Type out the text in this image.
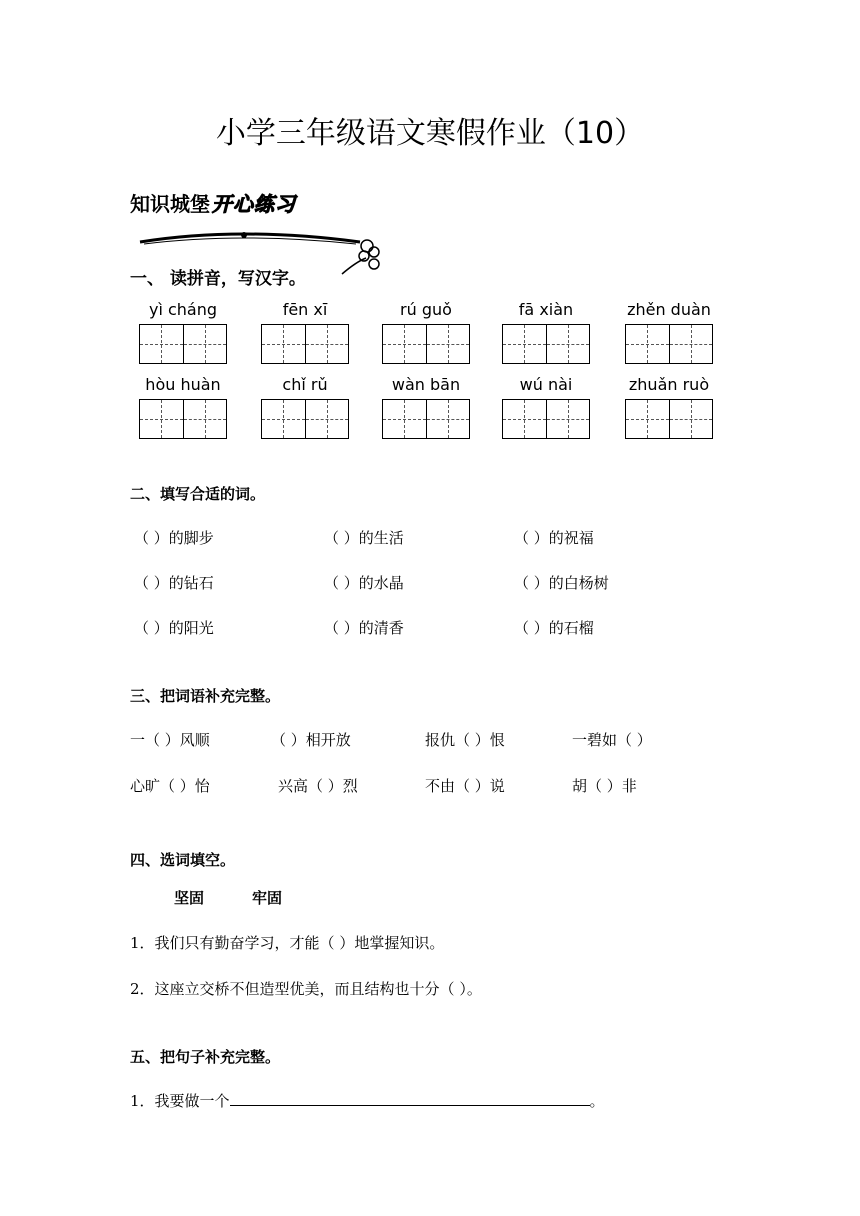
小学三年级语文寒假作业（10）
知识城堡 开心练习
一、 读拼音，写汉字。
yì cháng	fēn xī	rú guǒ	fā xiàn	zhěn duàn
hòu huàn	chǐ rǔ	wàn bān	wú nài	zhuǎn ruò
二、填写合适的词。
（ ）的脚步	（ ）的生活	（ ）的祝福
（ ）的钻石	（ ）的水晶	（ ）的白杨树
（ ）的阳光	（ ）的清香	（ ）的石榴
三、把词语补充完整。
一（ ）风顺	（ ）相开放	报仇（ ）恨	一碧如（ ）
心旷（ ）怡	兴高（ ）烈	不由（ ）说	胡（ ）非
四、选词填空。
坚固	牢固
1．我们只有勤奋学习，才能（ ）地掌握知识。
2．这座立交桥不但造型优美，而且结构也十分（ ）。
五、把句子补充完整。
1．我要做一个	。
